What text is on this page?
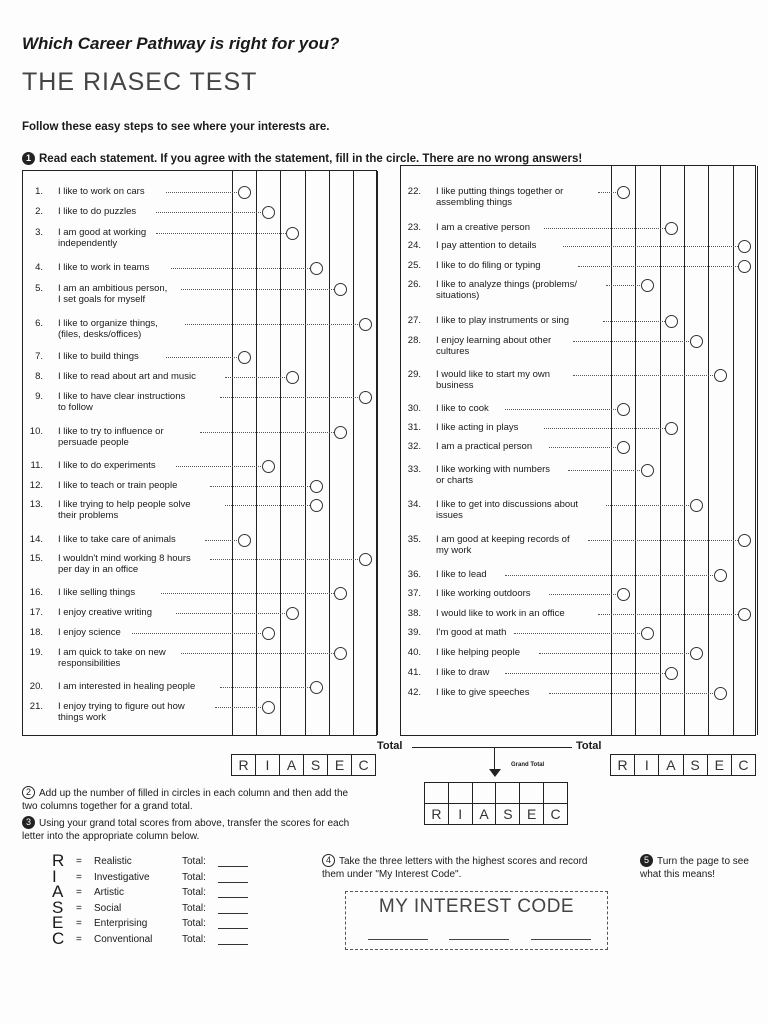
Which Career Pathway is right for you?
THE RIASEC TEST
Follow these easy steps to see where your interests are.
1 Read each statement. If you agree with the statement, fill in the circle. There are no wrong answers!
1. I like to work on cars
2. I like to do puzzles
3. I am good at working
independently
4. I like to work in teams
5. I am an ambitious person,
I set goals for myself
6. I like to organize things,
(files, desks/offices)
7. I like to build things
8. I like to read about art and music
9. I like to have clear instructions
to follow
10. I like to try to influence or
persuade people
11. I like to do experiments
12. I like to teach or train people
13. I like trying to help people solve
their problems
14. I like to take care of animals
15. I wouldn't mind working 8 hours
per day in an office
16. I like selling things
17. I enjoy creative writing
18. I enjoy science
19. I am quick to take on new
responsibilities
20. I am interested in healing people
21. I enjoy trying to figure out how
things work
22. I like putting things together or
assembling things
23. I am a creative person
24. I pay attention to details
25. I like to do filing or typing
26. I like to analyze things (problems/
situations)
27. I like to play instruments or sing
28. I enjoy learning about other
cultures
29. I would like to start my own
business
30. I like to cook
31. I like acting in plays
32. I am a practical person
33. I like working with numbers
or charts
34. I like to get into discussions about
issues
35. I am good at keeping records of
my work
36. I like to lead
37. I like working outdoors
38. I would like to work in an office
39. I'm good at math
40. I like helping people
41. I like to draw
42. I like to give speeches
Total	Total
Grand Total
R	I	A	S	E	C	R	I	A	S	E	C
R	I	A	S	E	C
2 Add up the number of filled in circles in each column and then add the two columns together for a grand total.
3 Using your grand total scores from above, transfer the scores for each letter into the appropriate column below.
R = Realistic	Total:
I = Investigative	Total:
A = Artistic	Total:
S = Social	Total:
E = Enterprising	Total:
C = Conventional	Total:
4 Take the three letters with the highest scores and record them under "My Interest Code".
MY INTEREST CODE
5 Turn the page to see what this means!
